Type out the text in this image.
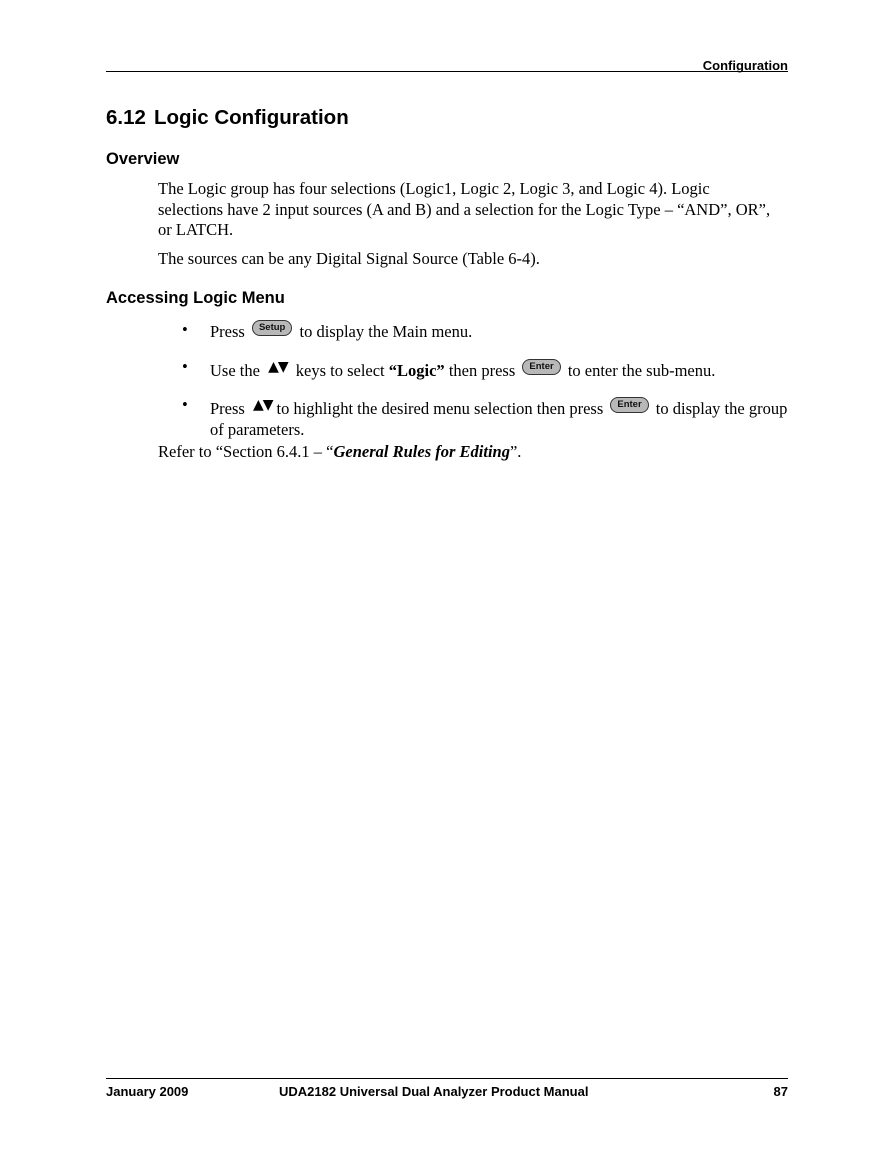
Configuration
6.12 Logic Configuration
Overview
The Logic group has four selections (Logic1, Logic 2, Logic 3, and Logic 4). Logic selections have 2 input sources (A and B) and a selection for the Logic Type – “AND”, OR”, or LATCH.
The sources can be any Digital Signal Source (Table 6-4).
Accessing Logic Menu
• Press Setup to display the Main menu.
• Use the ▲▼ keys to select “Logic” then press Enter to enter the sub-menu.
• Press ▲▼ to highlight the desired menu selection then press Enter to display the group of parameters.
Refer to “Section 6.4.1 – “General Rules for Editing”.
January 2009	UDA2182 Universal Dual Analyzer Product Manual	87
